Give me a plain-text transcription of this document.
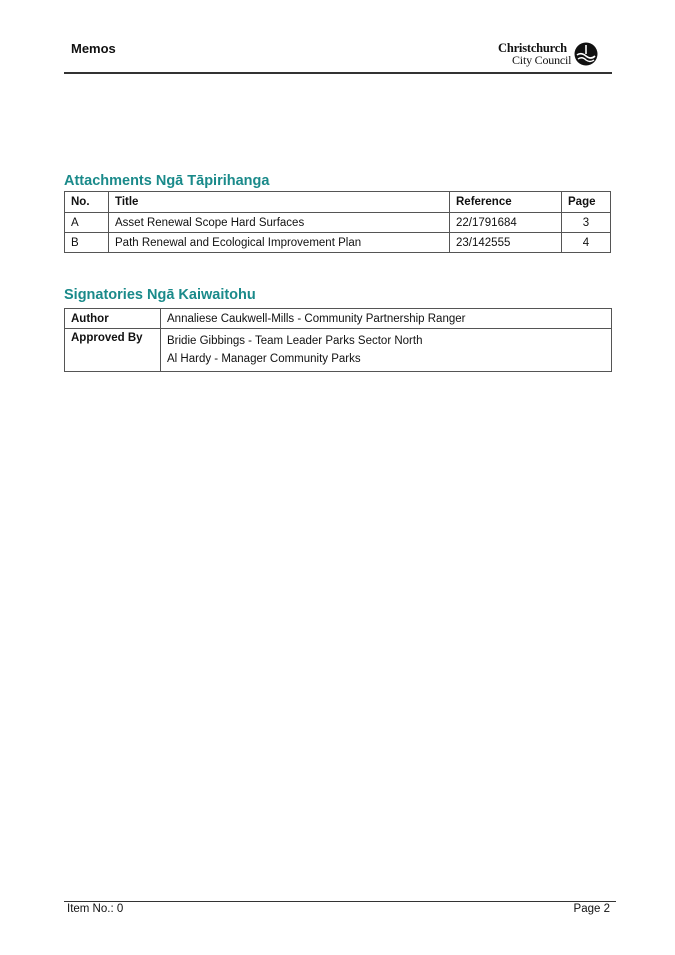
Memos	Christchurch
City Council
Attachments Ngā Tāpirihanga
No.	Title	Reference	Page
A	Asset Renewal Scope Hard Surfaces	22/1791684	3
B	Path Renewal and Ecological Improvement Plan	23/142555	4
Signatories Ngā Kaiwaitohu
Author	Annaliese Caukwell-Mills - Community Partnership Ranger
Approved By	Bridie Gibbings - Team Leader Parks Sector North
Al Hardy - Manager Community Parks
Item No.: 0	Page 2
